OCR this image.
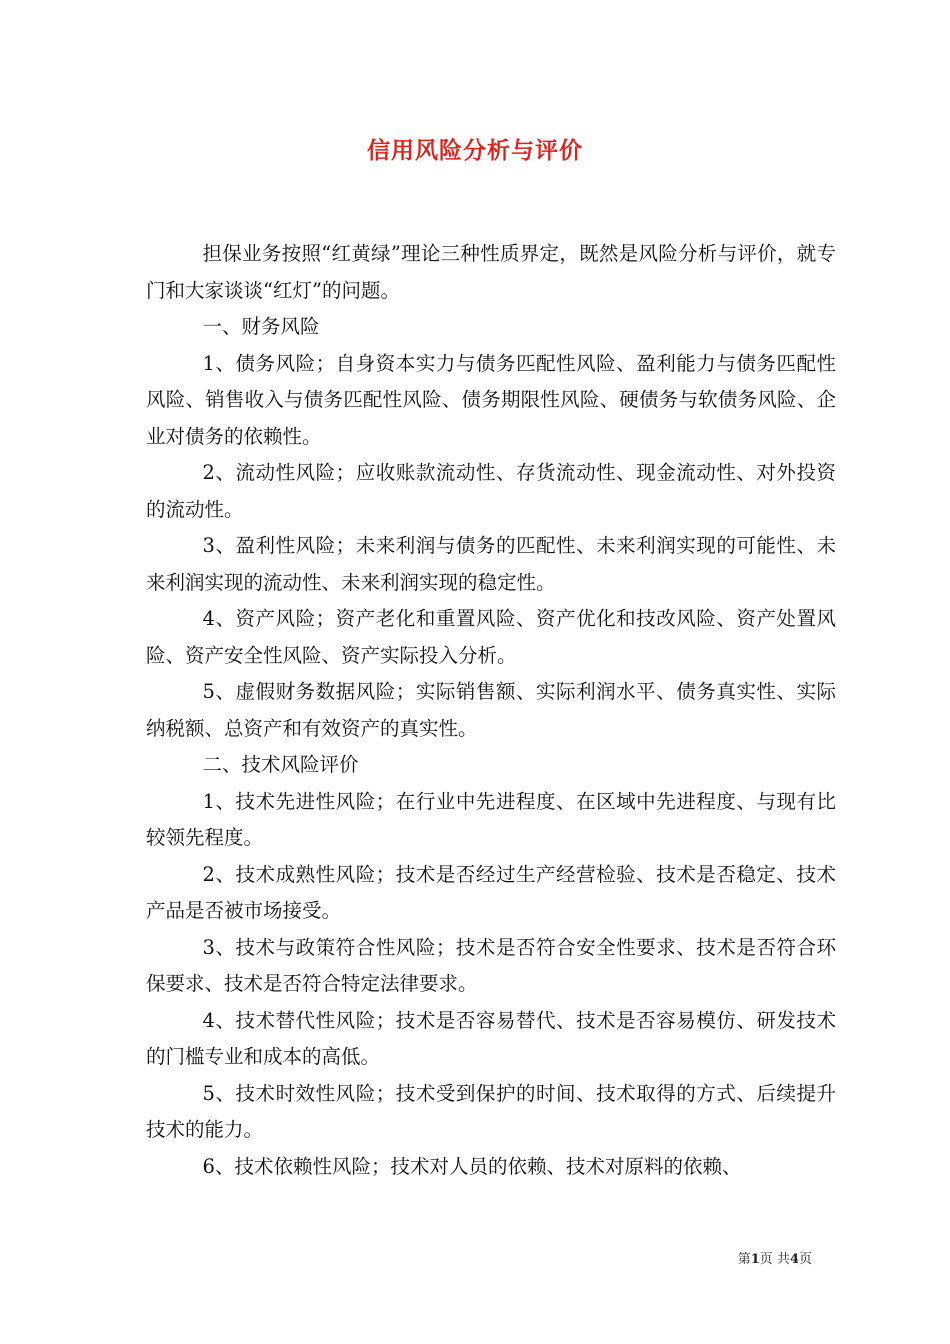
信用风险分析与评价

担保业务按照“红黄绿”理论三种性质界定，既然是风险分析与评价，就专门和大家谈谈“红灯”的问题。

一、财务风险

1、债务风险；自身资本实力与债务匹配性风险、盈利能力与债务匹配性风险、销售收入与债务匹配性风险、债务期限性风险、硬债务与软债务风险、企业对债务的依赖性。

2、流动性风险；应收账款流动性、存货流动性、现金流动性、对外投资的流动性。

3、盈利性风险；未来利润与债务的匹配性、未来利润实现的可能性、未来利润实现的流动性、未来利润实现的稳定性。

4、资产风险；资产老化和重置风险、资产优化和技改风险、资产处置风险、资产安全性风险、资产实际投入分析。

5、虚假财务数据风险；实际销售额、实际利润水平、债务真实性、实际纳税额、总资产和有效资产的真实性。

二、技术风险评价

1、技术先进性风险；在行业中先进程度、在区域中先进程度、与现有比较领先程度。

2、技术成熟性风险；技术是否经过生产经营检验、技术是否稳定、技术产品是否被市场接受。

3、技术与政策符合性风险；技术是否符合安全性要求、技术是否符合环保要求、技术是否符合特定法律要求。

4、技术替代性风险；技术是否容易替代、技术是否容易模仿、研发技术的门槛专业和成本的高低。

5、技术时效性风险；技术受到保护的时间、技术取得的方式、后续提升技术的能力。

6、技术依赖性风险；技术对人员的依赖、技术对原料的依赖、

第1页 共4页
